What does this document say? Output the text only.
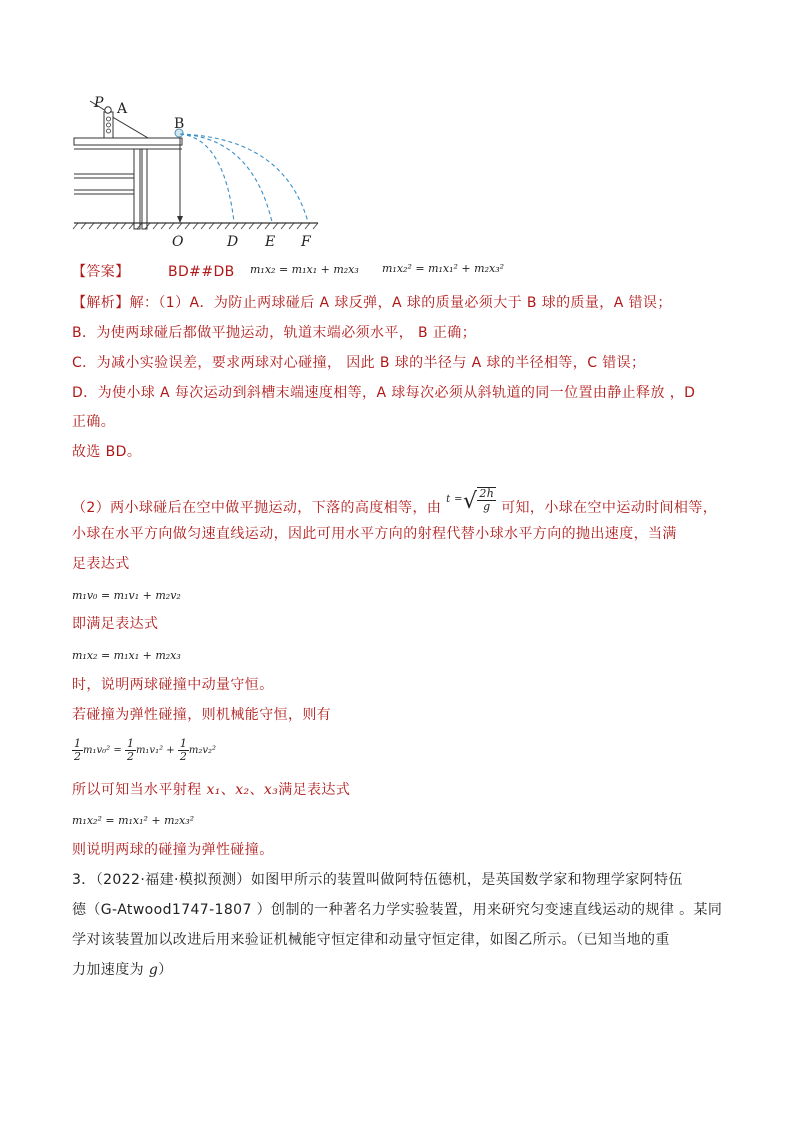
P A
B
O	D E F
【答案】	BD##DB m₁x₂ = m₁x₁ + m₂x₃ m₁x₂² = m₁x₁² + m₂x₃²
【解析】解：（1）A．为防止两球碰后 A 球反弹，A 球的质量必须大于 B 球的质量，A 错误；
B．为使两球碰后都做平抛运动，轨道末端必须水平， B 正确；
C．为减小实验误差，要求两球对心碰撞， 因此 B 球的半径与 A 球的半径相等，C 错误；
D．为使小球 A 每次运动到斜槽末端速度相等，A 球每次必须从斜轨道的同一位置由静止释放 ，D
正确。
故选 BD。
（2）两小球碰后在空中做平抛运动，下落的高度相等，由 $^{t =}√ \frac{2h}{g}$ 可知，小球在空中运动时间相等，
小球在水平方向做匀速直线运动，因此可用水平方向的射程代替小球水平方向的抛出速度，当满
足表达式
m₁v₀ = m₁v₁ + m₂v₂
即满足表达式
m₁x₂ = m₁x₁ + m₂x₃
时，说明两球碰撞中动量守恒。
若碰撞为弹性碰撞，则机械能守恒，则有
$\frac{1}{2} m_1v_0^2 = \frac{1}{2} m_1v_1^2 + \frac{1}{2} m_2v_2^2$
所以可知当水平射程 x₁、x₂、x₃满足表达式
m₁x₂² = m₁x₁² + m₂x₃²
则说明两球的碰撞为弹性碰撞。
3．（2022·福建·模拟预测）如图甲所示的装置叫做阿特伍德机，是英国数学家和物理学家阿特伍
德（G-Atwood1747-1807 ）创制的一种著名力学实验装置，用来研究匀变速直线运动的规律 。某同
学对该装置加以改进后用来验证机械能守恒定律和动量守恒定律，如图乙所示。（已知当地的重
力加速度为 g）
